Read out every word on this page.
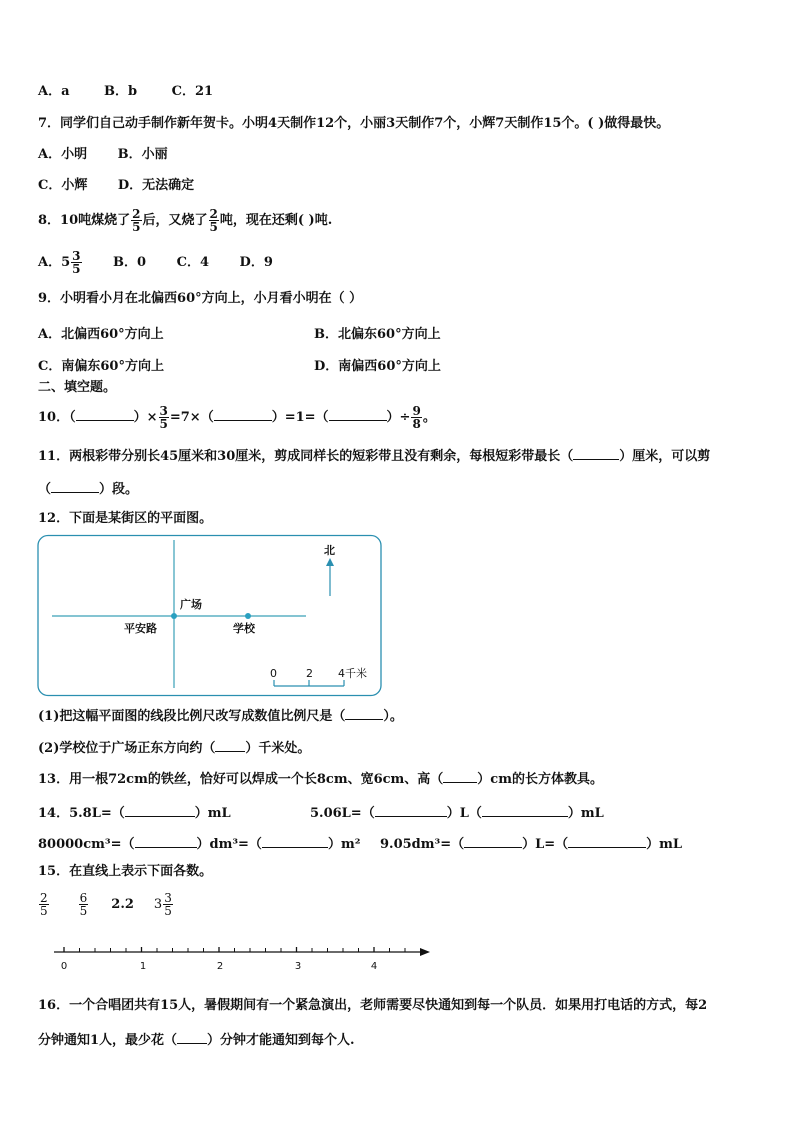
A．a	B．b	C．21
7．同学们自己动手制作新年贺卡。小明4天制作12个，小丽3天制作7个，小辉7天制作15个。( )做得最快。
A．小明 B．小丽
C．小辉 D．无法确定
8．10吨煤烧了 $\frac{2}{5}$ 后，又烧了 $\frac{2}{5}$ 吨，现在还剩( )吨.
A．$5 \frac{3}{5}$ B．0 C．4 D．9
9．小明看小月在北偏西60°方向上，小月看小明在（ ）
A．北偏西60°方向上	B．北偏东60°方向上
C．南偏东60°方向上	D．南偏西60°方向上
二、填空题。
10．（	）× $\frac{3}{5} =7\times$（	）=1=（	）÷ $\frac{9}{8}$ 。
11．两根彩带分别长45厘米和30厘米，剪成同样长的短彩带且没有剩余，每根短彩带最长（	）厘米，可以剪
（	）段。
12．下面是某街区的平面图。
广场
平安路	学校
北
0	2 4千米
(1)把这幅平面图的线段比例尺改写成数值比例尺是（	）。
(2)学校位于广场正东方向约（ ）千米处。
13．用一根72cm的铁丝，恰好可以焊成一个长8cm、宽6cm、高（	）cm的长方体教具。
14．5.8L=（	）mL	5.06L=（	）L（	）mL
80000cm³=（	）dm³=（	）m² 9.05dm³=（	）L=（	）mL
15．在直线上表示下面各数。
$\frac{2}{5}$	$\frac{6}{5} 2.2$ $3 \frac{3}{5}$
0	1	2	3	4
16．一个合唱团共有15人，暑假期间有一个紧急演出，老师需要尽快通知到每一个队员．如果用打电话的方式，每2
分钟通知1人，最少花（ ）分钟才能通知到每个人.
